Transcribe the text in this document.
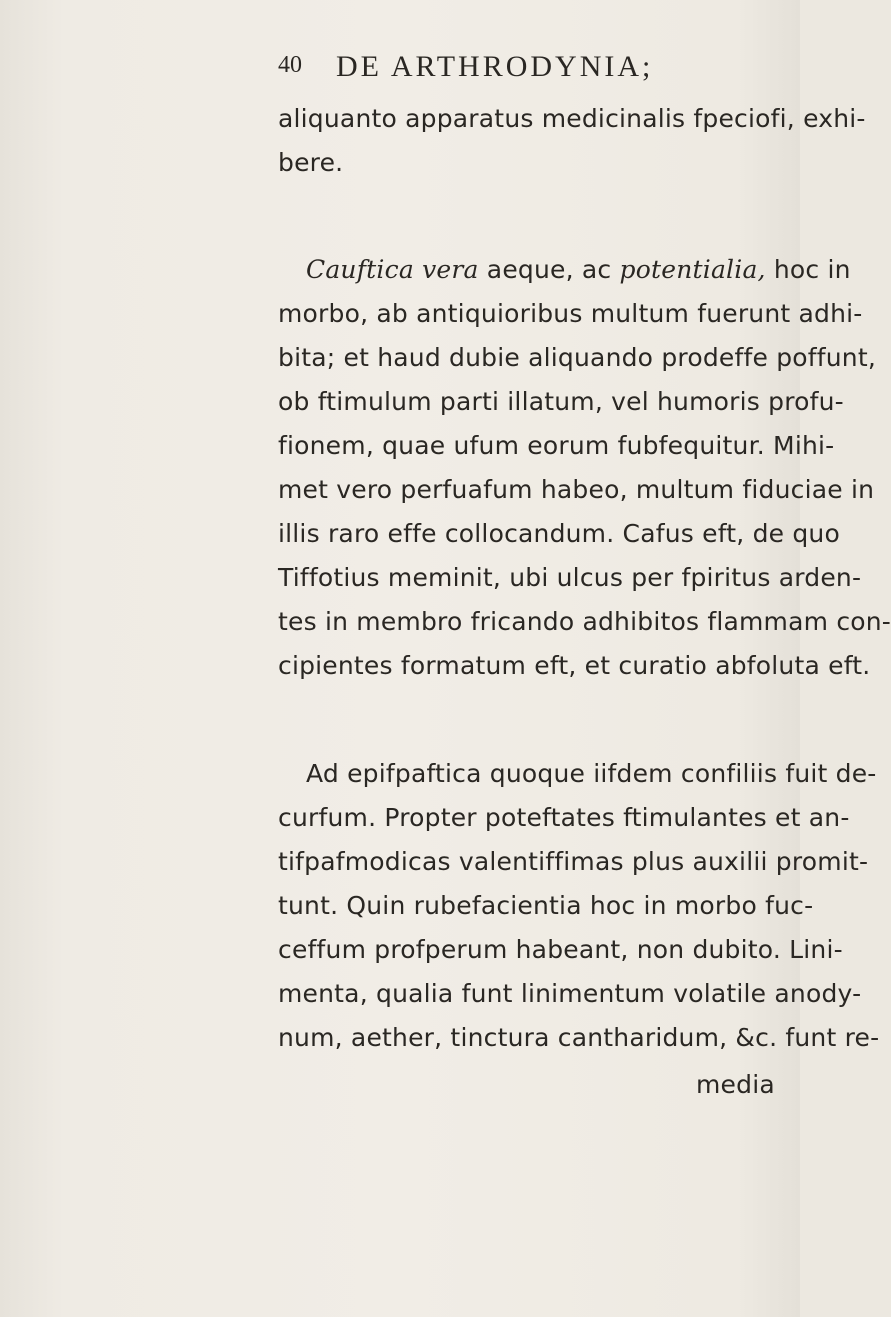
40 DE ARTHRODYNIA;
aliquanto apparatus medicinalis fpeciofi, exhi-
bere.
Cauftica vera aeque, ac potentialia, hoc in
morbo, ab antiquioribus multum fuerunt adhi-
bita; et haud dubie aliquando prodeffe poffunt,
ob ftimulum parti illatum, vel humoris profu-
fionem, quae ufum eorum fubfequitur. Mihi-
met vero perfuafum habeo, multum fiduciae in
illis raro effe collocandum. Cafus eft, de quo
Tiffotius meminit, ubi ulcus per fpiritus arden-
tes in membro fricando adhibitos flammam con-
cipientes formatum eft, et curatio abfoluta eft.
Ad epifpaftica quoque iifdem confiliis fuit de-
curfum. Propter poteftates ftimulantes et an-
tifpafmodicas valentiffimas plus auxilii promit-
tunt. Quin rubefacientia hoc in morbo fuc-
ceffum profperum habeant, non dubito. Lini-
menta, qualia funt linimentum volatile anody-
num, aether, tinctura cantharidum, &c. funt re-
media
